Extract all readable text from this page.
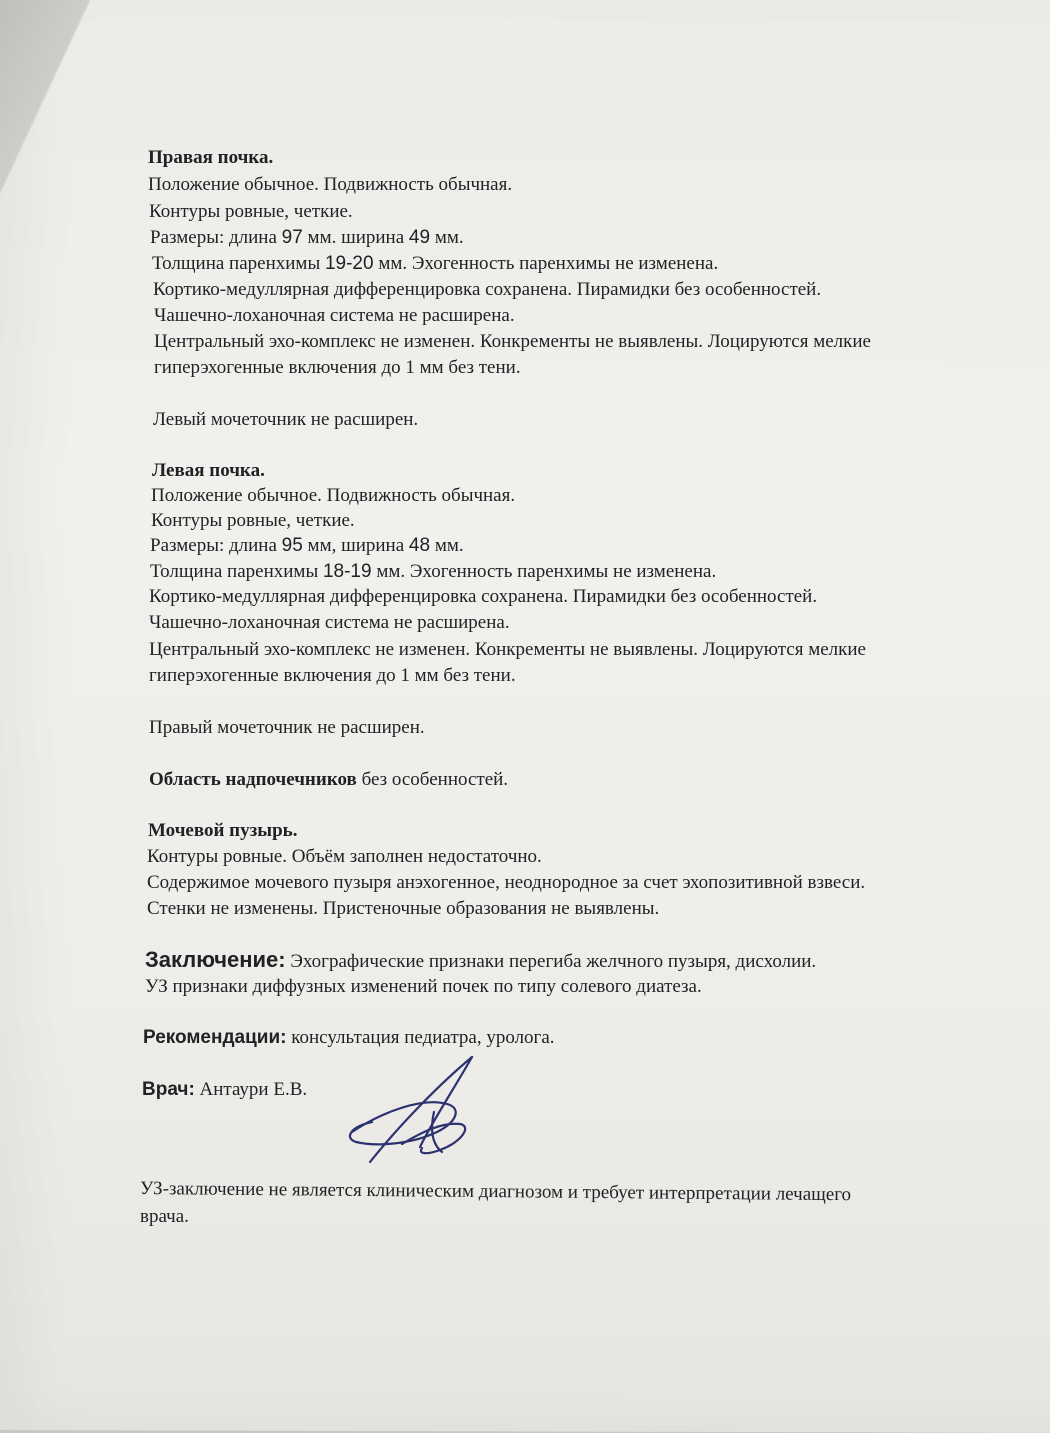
Правая почка.
Положение обычное. Подвижность обычная.
Контуры ровные, четкие.
Размеры: длина 97 мм. ширина 49 мм.
Толщина паренхимы 19-20 мм. Эхогенность паренхимы не изменена.
Кортико-медуллярная дифференцировка сохранена. Пирамидки без особенностей.
Чашечно-лоханочная система не расширена.
Центральный эхо-комплекс не изменен. Конкременты не выявлены. Лоцируются мелкие
гиперэхогенные включения до 1 мм без тени.
Левый мочеточник не расширен.
Левая почка.
Положение обычное. Подвижность обычная.
Контуры ровные, четкие.
Размеры: длина 95 мм, ширина 48 мм.
Толщина паренхимы 18-19 мм. Эхогенность паренхимы не изменена.
Кортико-медуллярная дифференцировка сохранена. Пирамидки без особенностей.
Чашечно-лоханочная система не расширена.
Центральный эхо-комплекс не изменен. Конкременты не выявлены. Лоцируются мелкие
гиперэхогенные включения до 1 мм без тени.
Правый мочеточник не расширен.
Область надпочечников без особенностей.
Мочевой пузырь.
Контуры ровные. Объём заполнен недостаточно.
Содержимое мочевого пузыря анэхогенное, неоднородное за счет эхопозитивной взвеси.
Стенки не изменены. Пристеночные образования не выявлены.
Заключение: Эхографические признаки перегиба желчного пузыря, дисхолии.
УЗ признаки диффузных изменений почек по типу солевого диатеза.
Рекомендации: консультация педиатра, уролога.
Врач: Антаури Е.В.
УЗ-заключение не является клиническим диагнозом и требует интерпретации лечащего
врача.
